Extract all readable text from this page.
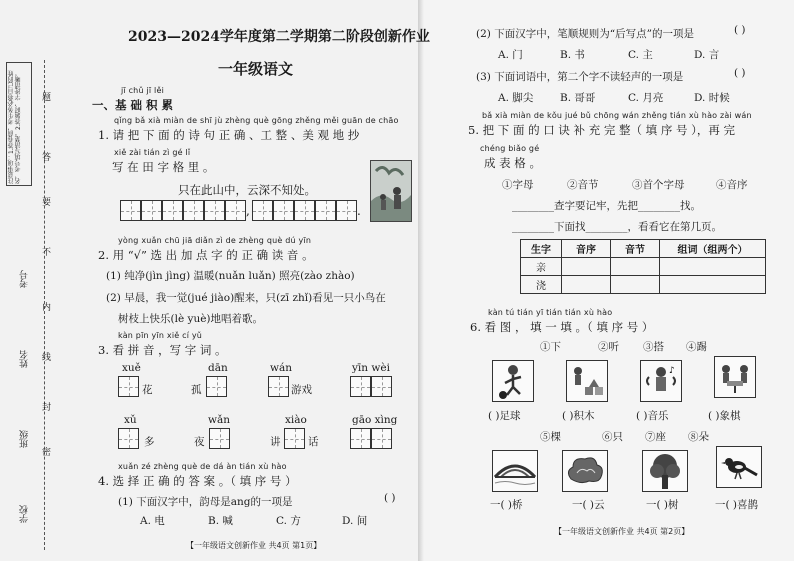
注意事项：1.答卷前，考生务必将自己的姓名、考号填写清楚。2.答题时，字迹清晰。	题
答
要
不
内
线
封
密
考号
姓名
班级
学校
2023—2024学年度第二学期第二阶段创新作业
一年级语文
jī chǔ jī lěi
一、基 础 积 累
qǐng bǎ xià miàn de shī jù zhèng què gōng zhěng měi guān de chāo
1. 请 把 下 面 的 诗 句 正 确 、工 整 、美 观 地 抄
xiě zài tián zì gé lǐ
写 在 田 字 格 里 。
只在此山中，云深不知处。
,	.
yòng xuǎn chū jiā diǎn zì de zhèng què dú yīn
2. 用 “√” 选 出 加 点 字 的 正 确 读 音 。
(1) 纯净(jìn jìng) 温暖(nuǎn luǎn) 照亮(zào zhào)
(2) 早晨，我一觉(jué jiào)醒来，只(zī zhǐ)看见一只小鸟在
树枝上快乐(lè yuè)地唱着歌。
kàn pīn yīn xiě cí yǔ
3. 看 拼 音 ，写 字 词 。
xuě
花
dān
孤
wán
游戏
yīn wèi
xǔ
多
wǎn
夜
xiào
讲	话
gāo xìng
xuǎn zé zhèng què de dá àn tián xù hào
4. 选 择 正 确 的 答 案 。（ 填 序 号 ）
(1) 下面汉字中，韵母是ang的一项是	( )
A. 电	B. 喊	C. 方	D. 间
【一年级语文创新作业 共4页 第1页】
(2) 下面汉字中，笔顺规则为“后写点”的一项是	( )
A. 门	B. 书	C. 主	D. 言
(3) 下面词语中，第二个字不读轻声的一项是	( )
A. 脚尖	B. 哥哥	C. 月亮	D. 时候
bǎ xià miàn de kǒu jué bǔ chōng wán zhěng tián xù hào zài wán
5. 把 下 面 的 口 诀 补 充 完 整（ 填 序 号 ），再 完
chéng biǎo gé
成 表 格 。
①字母	②音节	③首个字母	④音序
________查字要记牢，先把________找。
________下面找________，看看它在第几页。
生字	音序	音节	组词（组两个）
亲			
浇			
kàn tú tián yī tián tián xù hào
6. 看 图 ， 填 一 填 。（ 填 序 号 ）
①下	②听 ③搭 ④踢
♪
( )足球	( )积木	( )音乐	( )象棋
⑤棵	⑥只 ⑦座 ⑧朵
一( )桥	一( )云	一( )树	一( )喜鹊
【一年级语文创新作业 共4页 第2页】
